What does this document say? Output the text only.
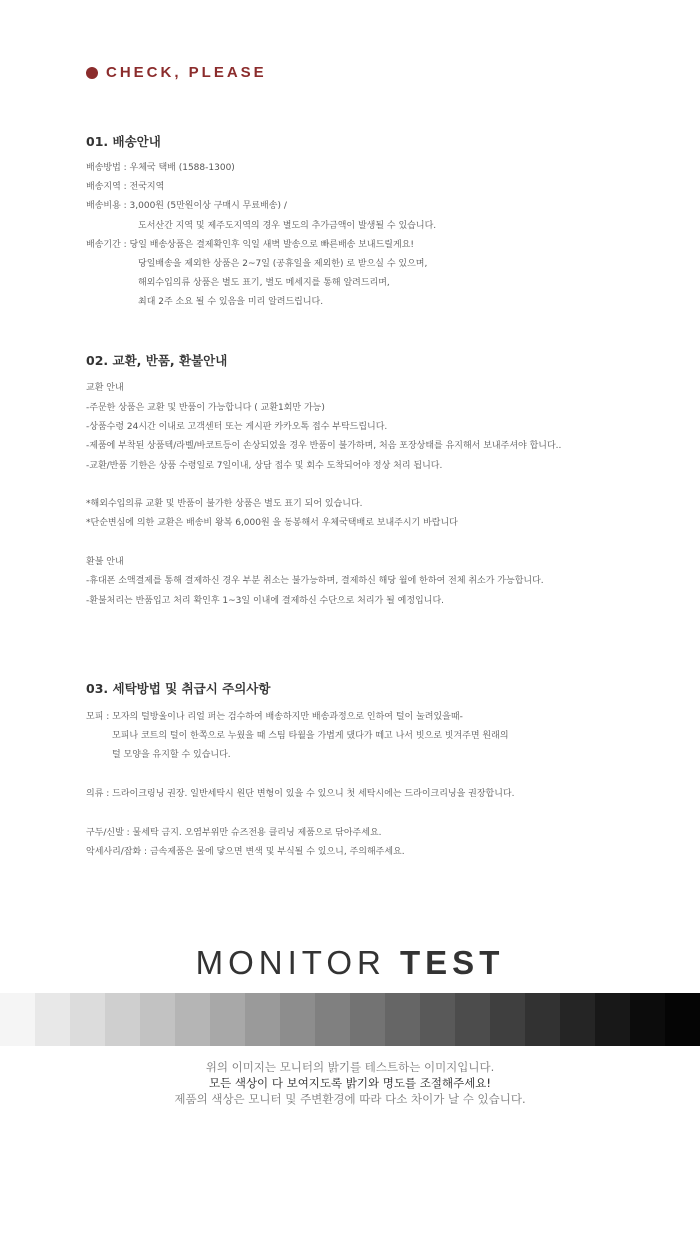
CHECK, PLEASE
01. 배송안내
배송방법 : 우체국 택배 (1588-1300)
배송지역 : 전국지역
배송비용 : 3,000원 (5만원이상 구매시 무료배송) /
도서산간 지역 및 제주도지역의 경우 별도의 추가금액이 발생될 수 있습니다.
배송기간 : 당일 배송상품은 결제확인후 익일 새벽 발송으로 빠른배송 보내드릴게요!
당일배송을 제외한 상품은 2~7일 (공휴일을 제외한) 로 받으실 수 있으며,
해외수입의류 상품은 별도 표기, 별도 메세지를 통해 알려드리며,
최대 2주 소요 될 수 있음을 미리 알려드립니다.
02. 교환, 반품, 환불안내
교환 안내
-주문한 상품은 교환 및 반품이 가능합니다 ( 교환1회만 가능)
-상품수령 24시간 이내로 고객센터 또는 게시판 카카오톡 접수 부탁드립니다.
-제품에 부착된 상품텍/라벨/바코트등이 손상되었을 경우 반품이 불가하며, 처음 포장상태를 유지해서 보내주셔야 합니다..
-교환/반품 기한은 상품 수령일로 7일이내, 상담 접수 및 회수 도착되어야 정상 처리 됩니다.
*해외수입의류 교환 및 반품이 불가한 상품은 별도 표기 되어 있습니다.
*단순변심에 의한 교환은 배송비 왕복 6,000원 을 동봉해서 우체국택배로 보내주시기 바랍니다
환불 안내
-휴대폰 소액결제를 통해 결제하신 경우 부분 취소는 불가능하며, 결제하신 해당 월에 한하여 전체 취소가 가능합니다.
-환불처리는 반품입고 처리 확인후 1~3일 이내에 결제하신 수단으로 처리가 될 예정입니다.
03. 세탁방법 및 취급시 주의사항
모피 : 모자의 털방울이나 리얼 퍼는 검수하여 배송하지만 배송과정으로 인하여 털이 눌려있을때-
모피나 코트의 털이 한쪽으로 누웠을 때 스팀 타월을 가볍게 댔다가 떼고 나서 빗으로 빗겨주면 원래의
털 모양을 유지할 수 있습니다.
의류 : 드라이크링닝 권장. 일반세탁시 원단 변형이 있을 수 있으니 첫 세탁시에는 드라이크리닝을 권장합니다.
구두/신발 : 물세탁 금지. 오염부위만 슈즈전용 클리닝 제품으로 닦아주세요.
악세사리/잡화 : 금속제품은 물에 닿으면 변색 및 부식될 수 있으니, 주의해주세요.
MONITOR TEST
위의 이미지는 모니터의 밝기를 테스트하는 이미지입니다.
모든 색상이 다 보여지도록 밝기와 명도를 조절해주세요!
제품의 색상은 모니터 및 주변환경에 따라 다소 차이가 날 수 있습니다.
